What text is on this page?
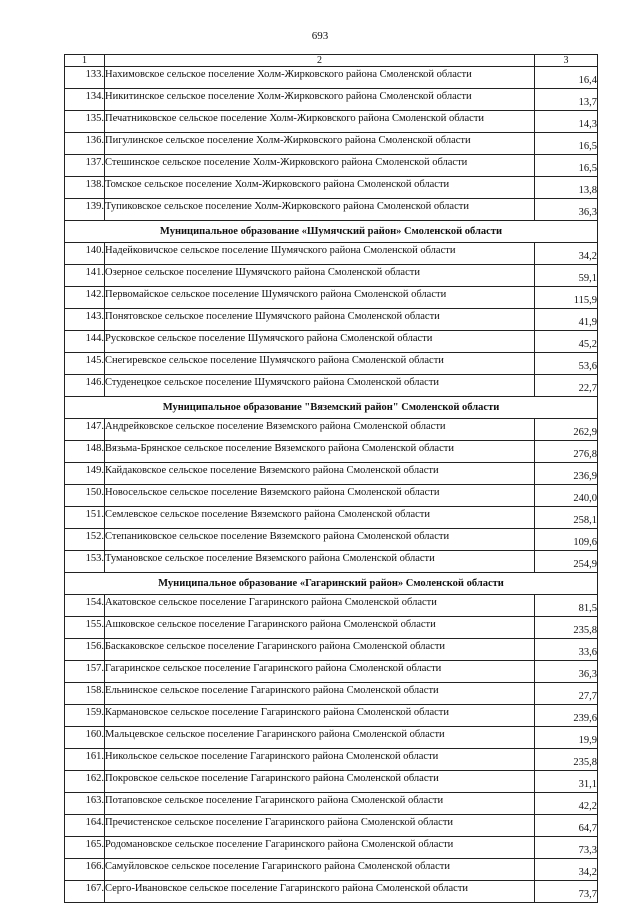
693
1	2	3
133.	Нахимовское сельское поселение Холм-Жирковского района Смоленской области	16,4
134.	Никитинское сельское поселение Холм-Жирковского района Смоленской области	13,7
135.	Печатниковское сельское поселение Холм-Жирковского района Смоленской области	14,3
136.	Пигулинское сельское поселение Холм-Жирковского района Смоленской области	16,5
137.	Стешинское сельское поселение Холм-Жирковского района Смоленской области	16,5
138.	Томское сельское поселение Холм-Жирковского района Смоленской области	13,8
139.	Тупиковское сельское поселение Холм-Жирковского района Смоленской области	36,3
Муниципальное образование «Шумячский район» Смоленской области		
140.	Надейковичское сельское поселение Шумячского района Смоленской области	34,2
141.	Озерное сельское поселение Шумячского района Смоленской области	59,1
142.	Первомайское сельское поселение Шумячского района Смоленской области	115,9
143.	Понятовское сельское поселение Шумячского района Смоленской области	41,9
144.	Русковское сельское поселение Шумячского района Смоленской области	45,2
145.	Снегиревское сельское поселение Шумячского района Смоленской области	53,6
146.	Студенецкое сельское поселение Шумячского района Смоленской области	22,7
Муниципальное образование "Вяземский район" Смоленской области		
147.	Андрейковское сельское поселение Вяземского района Смоленской области	262,9
148.	Вязьма-Брянское сельское поселение Вяземского района Смоленской области	276,8
149.	Кайдаковское сельское поселение Вяземского района Смоленской области	236,9
150.	Новосельское сельское поселение Вяземского района Смоленской области	240,0
151.	Семлевское сельское поселение Вяземского района Смоленской области	258,1
152.	Степаниковское сельское поселение Вяземского района Смоленской области	109,6
153.	Тумановское сельское поселение Вяземского района Смоленской области	254,9
Муниципальное образование «Гагаринский район» Смоленской области		
154.	Акатовское сельское поселение Гагаринского района Смоленской области	81,5
155.	Ашковское сельское поселение Гагаринского района Смоленской области	235,8
156.	Баскаковское сельское поселение Гагаринского района Смоленской области	33,6
157.	Гагаринское сельское поселение Гагаринского района Смоленской области	36,3
158.	Ельнинское сельское поселение Гагаринского района Смоленской области	27,7
159.	Кармановское сельское поселение Гагаринского района Смоленской области	239,6
160.	Мальцевское сельское поселение Гагаринского района Смоленской области	19,9
161.	Никольское сельское поселение Гагаринского района Смоленской области	235,8
162.	Покровское сельское поселение Гагаринского района Смоленской области	31,1
163.	Потаповское сельское поселение Гагаринского района Смоленской области	42,2
164.	Пречистенское сельское поселение Гагаринского района Смоленской области	64,7
165.	Родомановское сельское поселение Гагаринского района Смоленской области	73,3
166.	Самуйловское сельское поселение Гагаринского района Смоленской области	34,2
167.	Серго-Ивановское сельское поселение Гагаринского района Смоленской области	73,7
